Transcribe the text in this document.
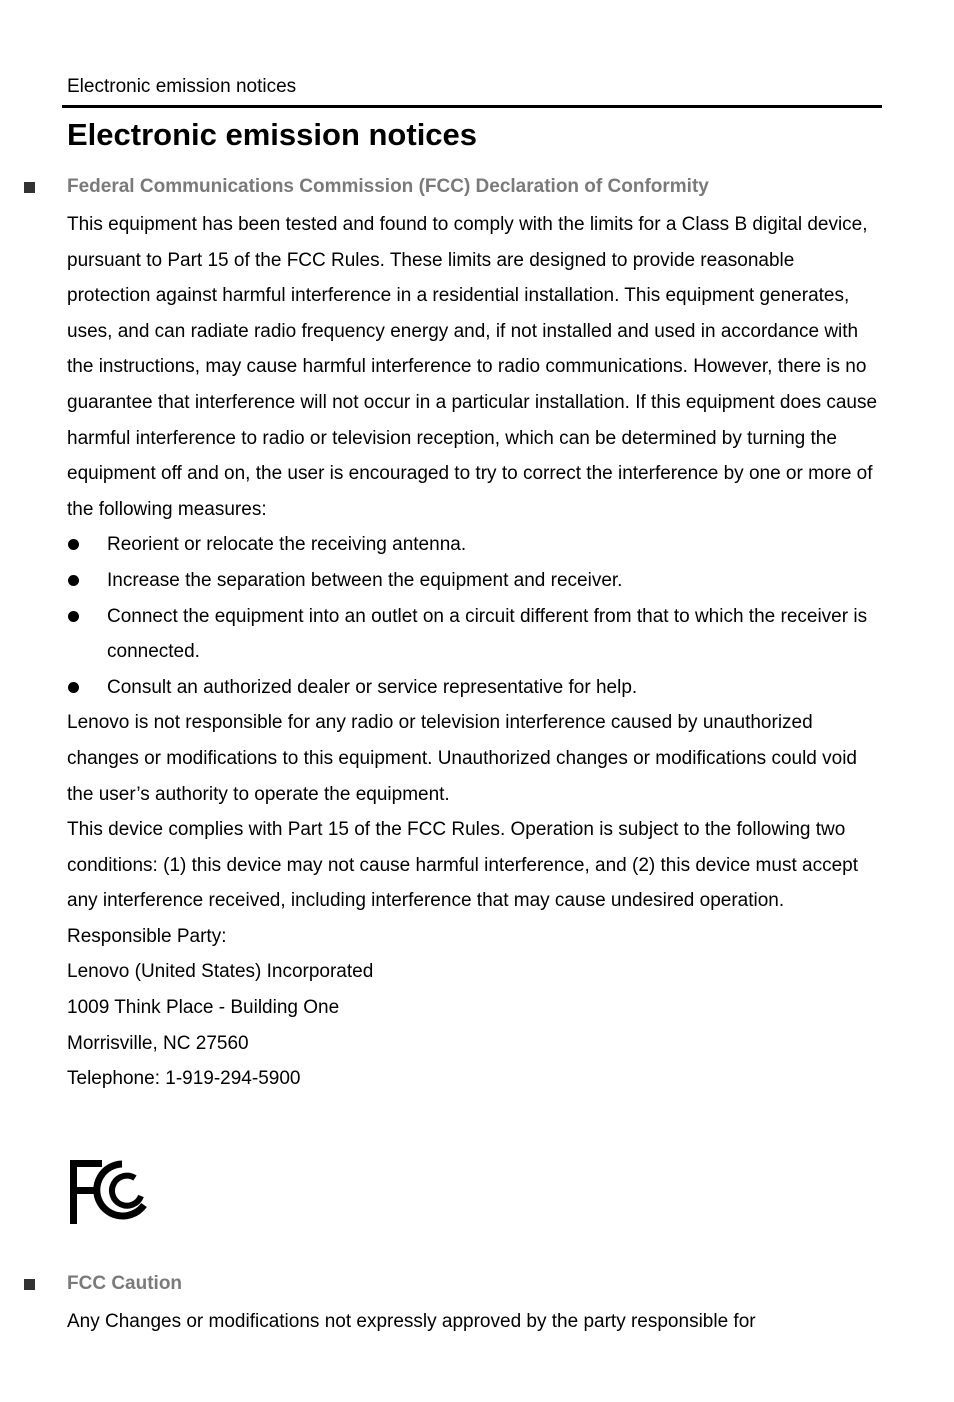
Electronic emission notices
Electronic emission notices
Federal Communications Commission (FCC) Declaration of Conformity

This equipment has been tested and found to comply with the limits for a Class B digital device, pursuant to Part 15 of the FCC Rules. These limits are designed to provide reasonable protection against harmful interference in a residential installation. This equipment generates, uses, and can radiate radio frequency energy and, if not installed and used in accordance with the instructions, may cause harmful interference to radio communications. However, there is no guarantee that interference will not occur in a particular installation. If this equipment does cause harmful interference to radio or television reception, which can be determined by turning the equipment off and on, the user is encouraged to try to correct the interference by one or more of the following measures:

Reorient or relocate the receiving antenna.
Increase the separation between the equipment and receiver.
Connect the equipment into an outlet on a circuit different from that to which the receiver is connected.
Consult an authorized dealer or service representative for help.

Lenovo is not responsible for any radio or television interference caused by unauthorized changes or modifications to this equipment. Unauthorized changes or modifications could void the user’s authority to operate the equipment.

This device complies with Part 15 of the FCC Rules. Operation is subject to the following two conditions: (1) this device may not cause harmful interference, and (2) this device must accept any interference received, including interference that may cause undesired operation.

Responsible Party:

Lenovo (United States) Incorporated

1009 Think Place - Building One

Morrisville, NC 27560

Telephone: 1-919-294-5900

FCC Caution

Any Changes or modifications not expressly approved by the party responsible for
